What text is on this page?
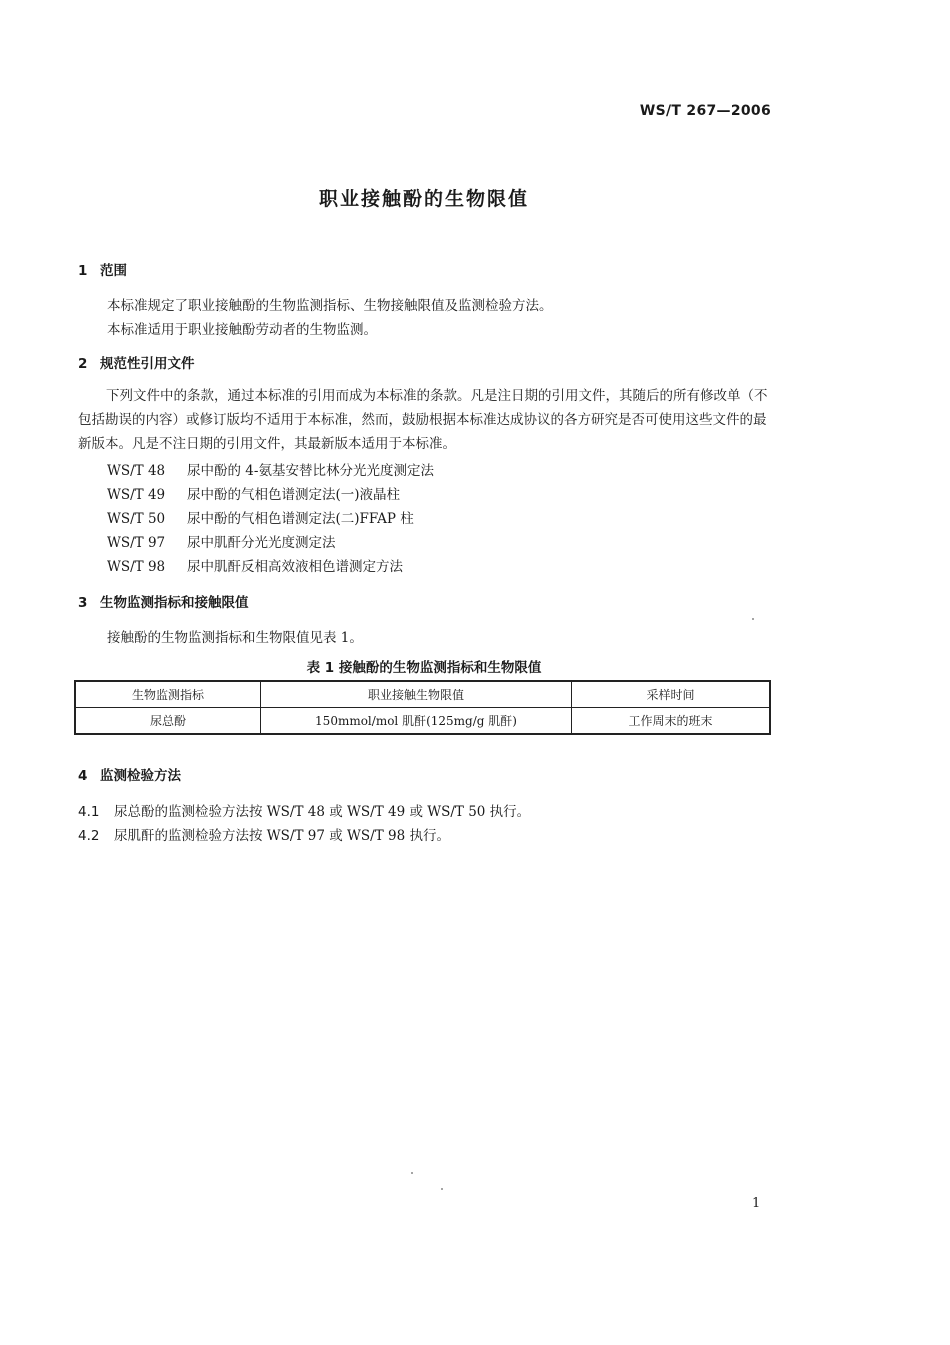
WS/T 267—2006
职业接触酚的生物限值
1 范围
本标准规定了职业接触酚的生物监测指标、生物接触限值及监测检验方法。
本标准适用于职业接触酚劳动者的生物监测。
2 规范性引用文件
下列文件中的条款，通过本标准的引用而成为本标准的条款。凡是注日期的引用文件，其随后的所有修改单（不包括勘误的内容）或修订版均不适用于本标准，然而，鼓励根据本标准达成协议的各方研究是否可使用这些文件的最新版本。凡是不注日期的引用文件，其最新版本适用于本标准。
WS/T 48 尿中酚的 4-氨基安替比林分光光度测定法
WS/T 49 尿中酚的气相色谱测定法(一)液晶柱
WS/T 50 尿中酚的气相色谱测定法(二)FFAP 柱
WS/T 97 尿中肌酐分光光度测定法
WS/T 98 尿中肌酐反相高效液相色谱测定方法
3 生物监测指标和接触限值
接触酚的生物监测指标和生物限值见表 1。
表 1 接触酚的生物监测指标和生物限值
生物监测指标	职业接触生物限值	采样时间
尿总酚	150mmol/mol 肌酐(125mg/g 肌酐)	工作周末的班末
4 监测检验方法
4.1 尿总酚的监测检验方法按 WS/T 48 或 WS/T 49 或 WS/T 50 执行。
4.2 尿肌酐的监测检验方法按 WS/T 97 或 WS/T 98 执行。
1
